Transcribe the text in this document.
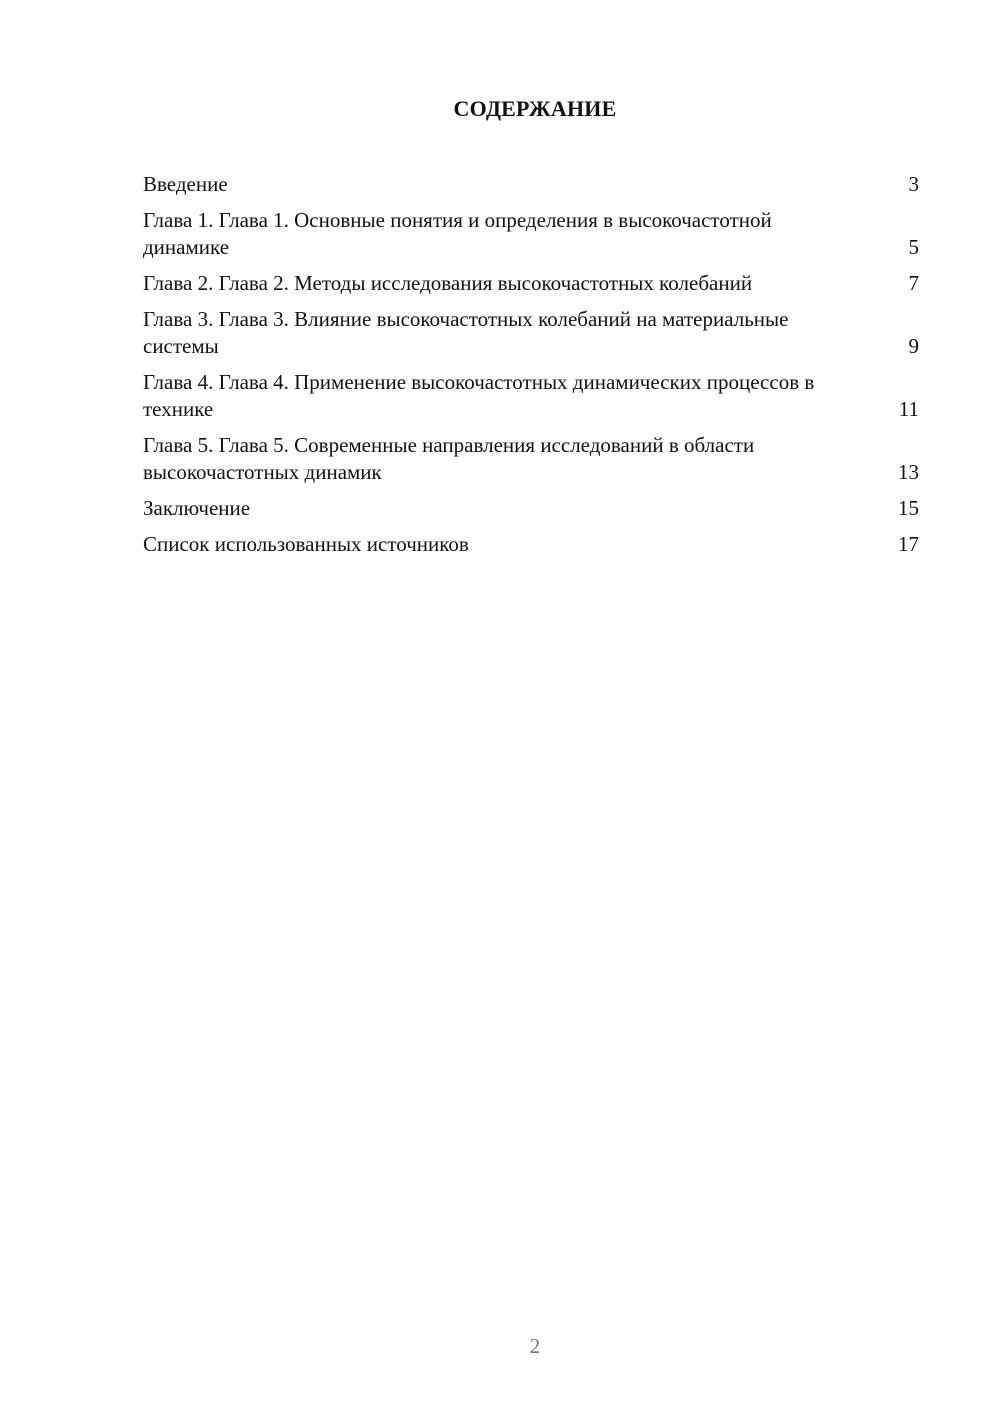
СОДЕРЖАНИЕ
Введение	3
Глава 1. Глава 1. Основные понятия и определения в высокочастотной динамике	5
Глава 2. Глава 2. Методы исследования высокочастотных колебаний	7
Глава 3. Глава 3. Влияние высокочастотных колебаний на материальные системы	9
Глава 4. Глава 4. Применение высокочастотных динамических процессов в технике	11
Глава 5. Глава 5. Современные направления исследований в области высокочастотных динамик	13
Заключение	15
Список использованных источников	17
2
